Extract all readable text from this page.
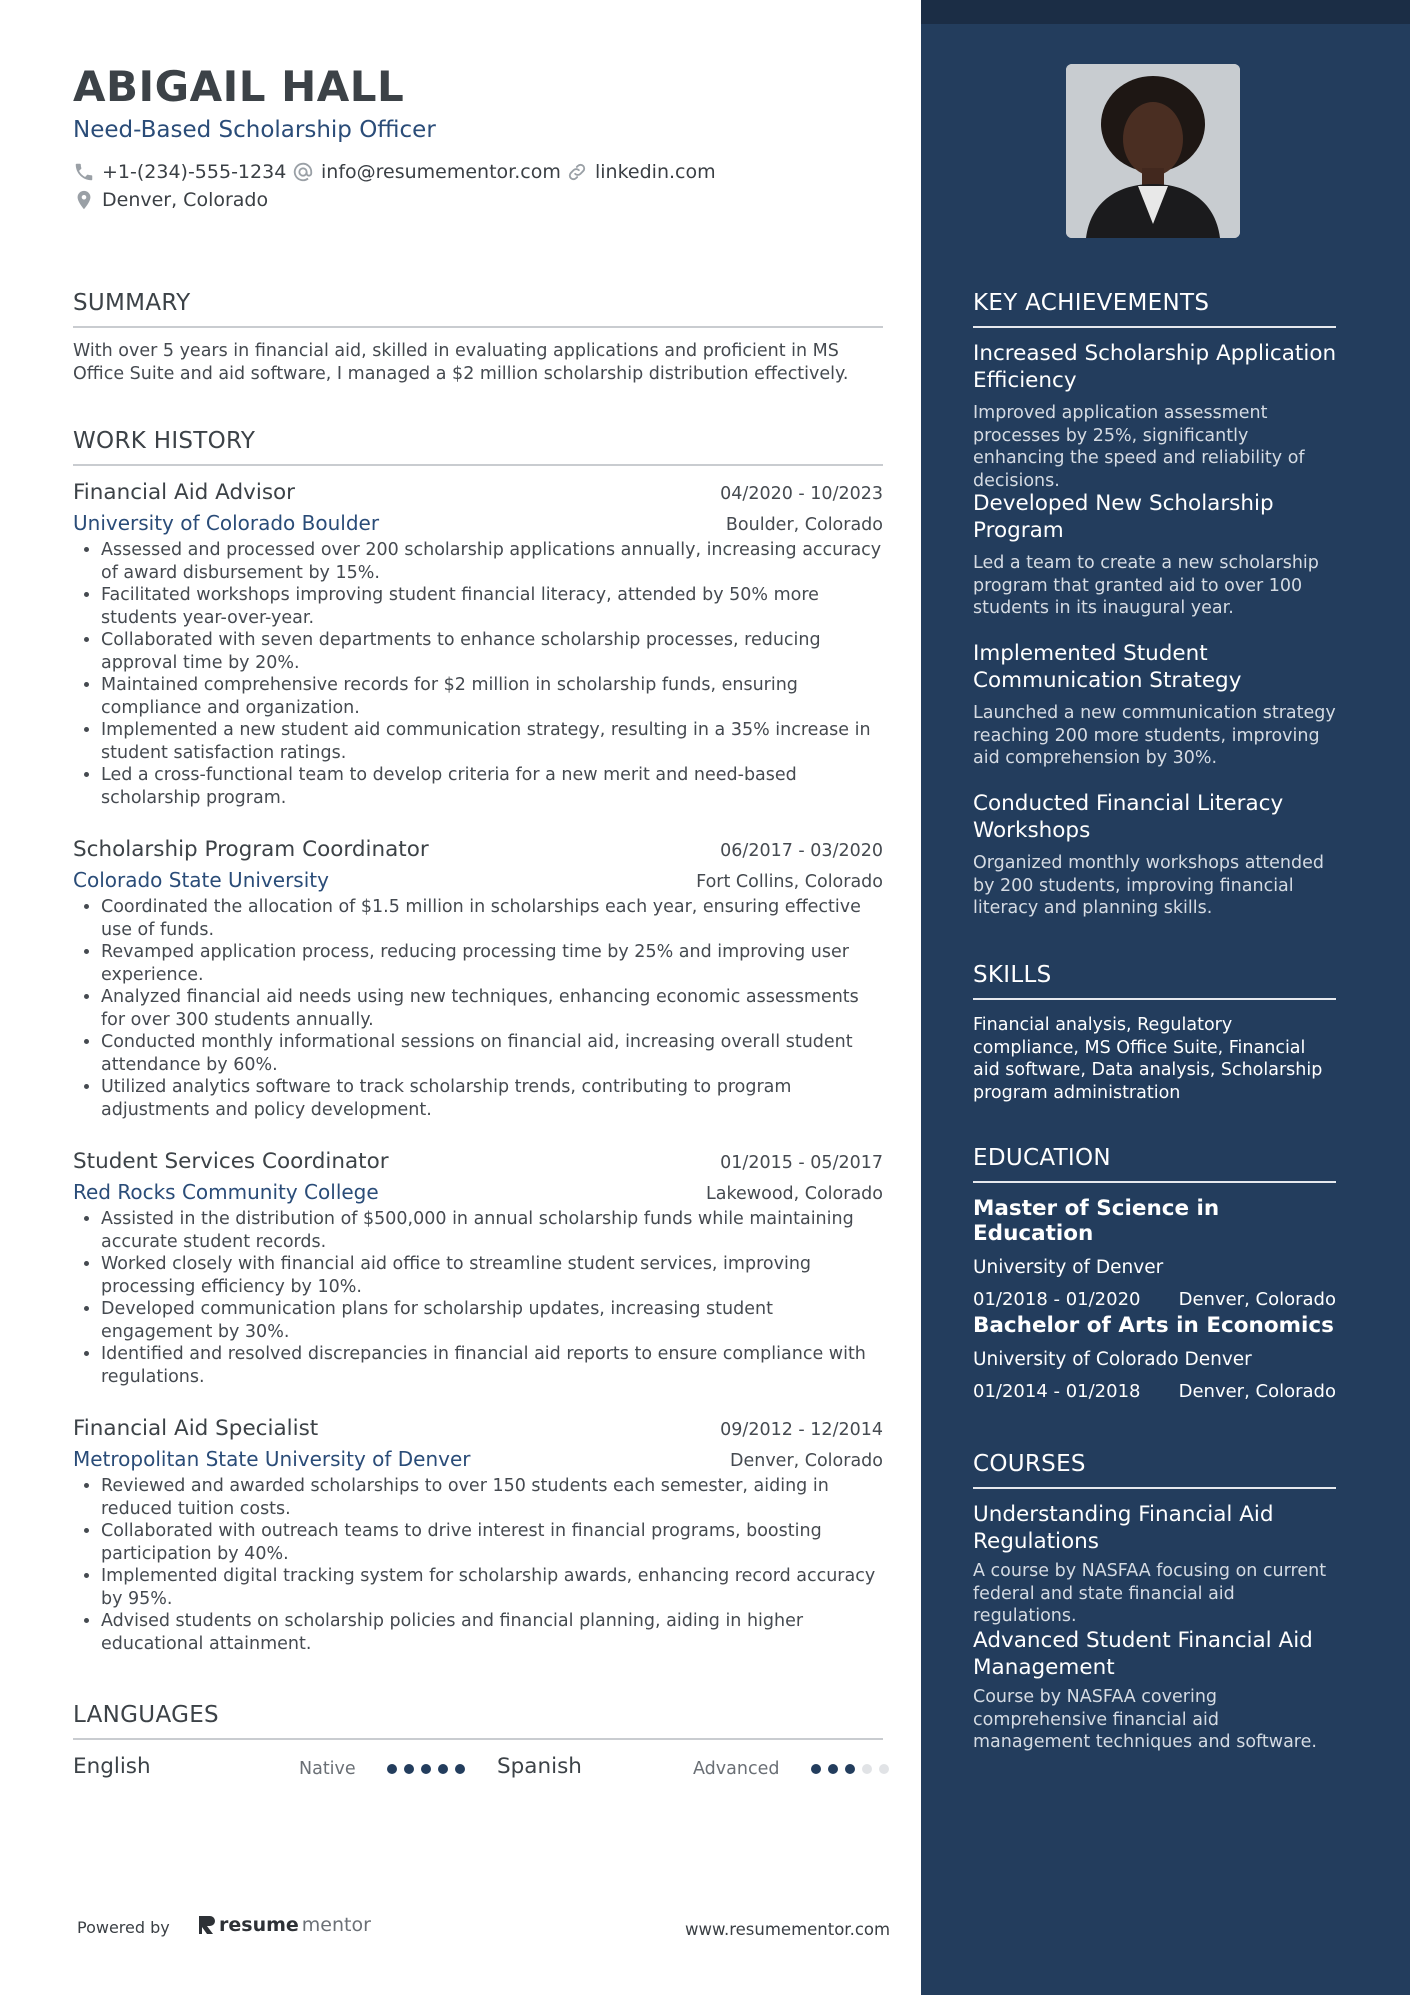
ABIGAIL HALL
Need-Based Scholarship Officer
+1-(234)-555-1234 info@resumementor.com linkedin.com
Denver, Colorado
SUMMARY
With over 5 years in financial aid, skilled in evaluating applications and proficient in MS Office Suite and aid software, I managed a $2 million scholarship distribution effectively.
WORK HISTORY
Financial Aid Advisor	04/2020 - 10/2023
University of Colorado Boulder	Boulder, Colorado
• Assessed and processed over 200 scholarship applications annually, increasing accuracy of award disbursement by 15%.
• Facilitated workshops improving student financial literacy, attended by 50% more students year-over-year.
• Collaborated with seven departments to enhance scholarship processes, reducing approval time by 20%.
• Maintained comprehensive records for $2 million in scholarship funds, ensuring compliance and organization.
• Implemented a new student aid communication strategy, resulting in a 35% increase in student satisfaction ratings.
• Led a cross-functional team to develop criteria for a new merit and need-based scholarship program.
Scholarship Program Coordinator	06/2017 - 03/2020
Colorado State University	Fort Collins, Colorado
• Coordinated the allocation of $1.5 million in scholarships each year, ensuring effective use of funds.
• Revamped application process, reducing processing time by 25% and improving user experience.
• Analyzed financial aid needs using new techniques, enhancing economic assessments for over 300 students annually.
• Conducted monthly informational sessions on financial aid, increasing overall student attendance by 60%.
• Utilized analytics software to track scholarship trends, contributing to program adjustments and policy development.
Student Services Coordinator	01/2015 - 05/2017
Red Rocks Community College	Lakewood, Colorado
• Assisted in the distribution of $500,000 in annual scholarship funds while maintaining accurate student records.
• Worked closely with financial aid office to streamline student services, improving processing efficiency by 10%.
• Developed communication plans for scholarship updates, increasing student engagement by 30%.
• Identified and resolved discrepancies in financial aid reports to ensure compliance with regulations.
Financial Aid Specialist	09/2012 - 12/2014
Metropolitan State University of Denver	Denver, Colorado
• Reviewed and awarded scholarships to over 150 students each semester, aiding in reduced tuition costs.
• Collaborated with outreach teams to drive interest in financial programs, boosting participation by 40%.
• Implemented digital tracking system for scholarship awards, enhancing record accuracy by 95%.
• Advised students on scholarship policies and financial planning, aiding in higher educational attainment.
LANGUAGES
English	Native	Spanish	Advanced
Powered by	resume mentor	www.resumementor.com
KEY ACHIEVEMENTS
Increased Scholarship Application Efficiency
Improved application assessment processes by 25%, significantly enhancing the speed and reliability of decisions.
Developed New Scholarship Program
Led a team to create a new scholarship program that granted aid to over 100 students in its inaugural year.
Implemented Student Communication Strategy
Launched a new communication strategy reaching 200 more students, improving aid comprehension by 30%.
Conducted Financial Literacy Workshops
Organized monthly workshops attended by 200 students, improving financial literacy and planning skills.
SKILLS
Financial analysis, Regulatory compliance, MS Office Suite, Financial aid software, Data analysis, Scholarship program administration
EDUCATION
Master of Science in Education
University of Denver
01/2018 - 01/2020 Denver, Colorado
Bachelor of Arts in Economics
University of Colorado Denver
01/2014 - 01/2018 Denver, Colorado
COURSES
Understanding Financial Aid Regulations
A course by NASFAA focusing on current federal and state financial aid regulations.
Advanced Student Financial Aid Management
Course by NASFAA covering comprehensive financial aid management techniques and software.
